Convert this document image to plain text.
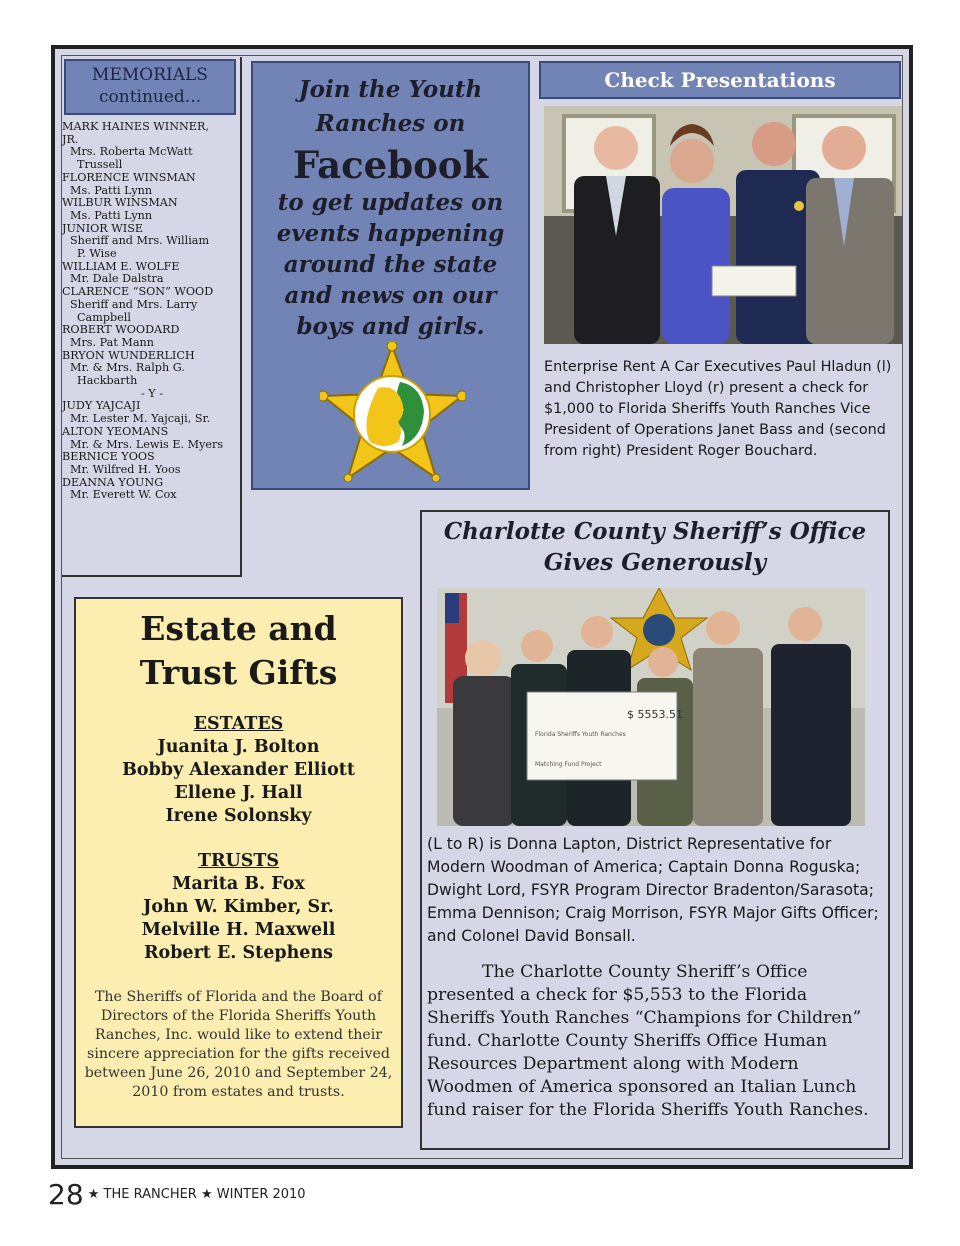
MEMORIALS
continued...
MARK HAINES WINNER,
JR.
Mrs. Roberta McWatt
Trussell
FLORENCE WINSMAN
Ms. Patti Lynn
WILBUR WINSMAN
Ms. Patti Lynn
JUNIOR WISE
Sheriff and Mrs. William
P. Wise
WILLIAM E. WOLFE
Mr. Dale Dalstra
CLARENCE “SON” WOOD
Sheriff and Mrs. Larry
Campbell
ROBERT WOODARD
Mrs. Pat Mann
BRYON WUNDERLICH
Mr. & Mrs. Ralph G.
Hackbarth
- Y -
JUDY YAJCAJI
Mr. Lester M. Yajcaji, Sr.
ALTON YEOMANS
Mr. & Mrs. Lewis E. Myers
BERNICE YOOS
Mr. Wilfred H. Yoos
DEANNA YOUNG
Mr. Everett W. Cox
Join the Youth
Ranches on
Facebook
to get updates on
events happening
around the state
and news on our
boys and girls.
Check Presentations
Enterprise Rent A Car Executives Paul Hladun (l) and Christopher Lloyd (r) present a check for $1,000 to Florida Sheriffs Youth Ranches Vice President of Operations Janet Bass and (second from right) President Roger Bouchard.
Charlotte County Sheriff’s Office
Gives Generously
$ 5553.51
Florida Sheriffs Youth Ranches
Matching Fund Project
(L to R) is Donna Lapton, District Representative for Modern Woodman of America; Captain Donna Roguska; Dwight Lord, FSYR Program Director Bradenton/Sarasota; Emma Dennison; Craig Morrison, FSYR Major Gifts Officer; and Colonel David Bonsall.
The Charlotte County Sheriff’s Office presented a check for $5,553 to the Florida Sheriffs Youth Ranches “Champions for Children” fund. Charlotte County Sheriffs Office Human Resources Department along with Modern Woodmen of America sponsored an Italian Lunch fund raiser for the Florida Sheriffs Youth Ranches.
Estate and
Trust Gifts
ESTATES
Juanita J. Bolton
Bobby Alexander Elliott
Ellene J. Hall
Irene Solonsky
TRUSTS
Marita B. Fox
John W. Kimber, Sr.
Melville H. Maxwell
Robert E. Stephens
The Sheriffs of Florida and the Board of Directors of the Florida Sheriffs Youth Ranches, Inc. would like to extend their sincere appreciation for the gifts received between June 26, 2010 and September 24, 2010 from estates and trusts.
28 ★ THE RANCHER ★ WINTER 2010
